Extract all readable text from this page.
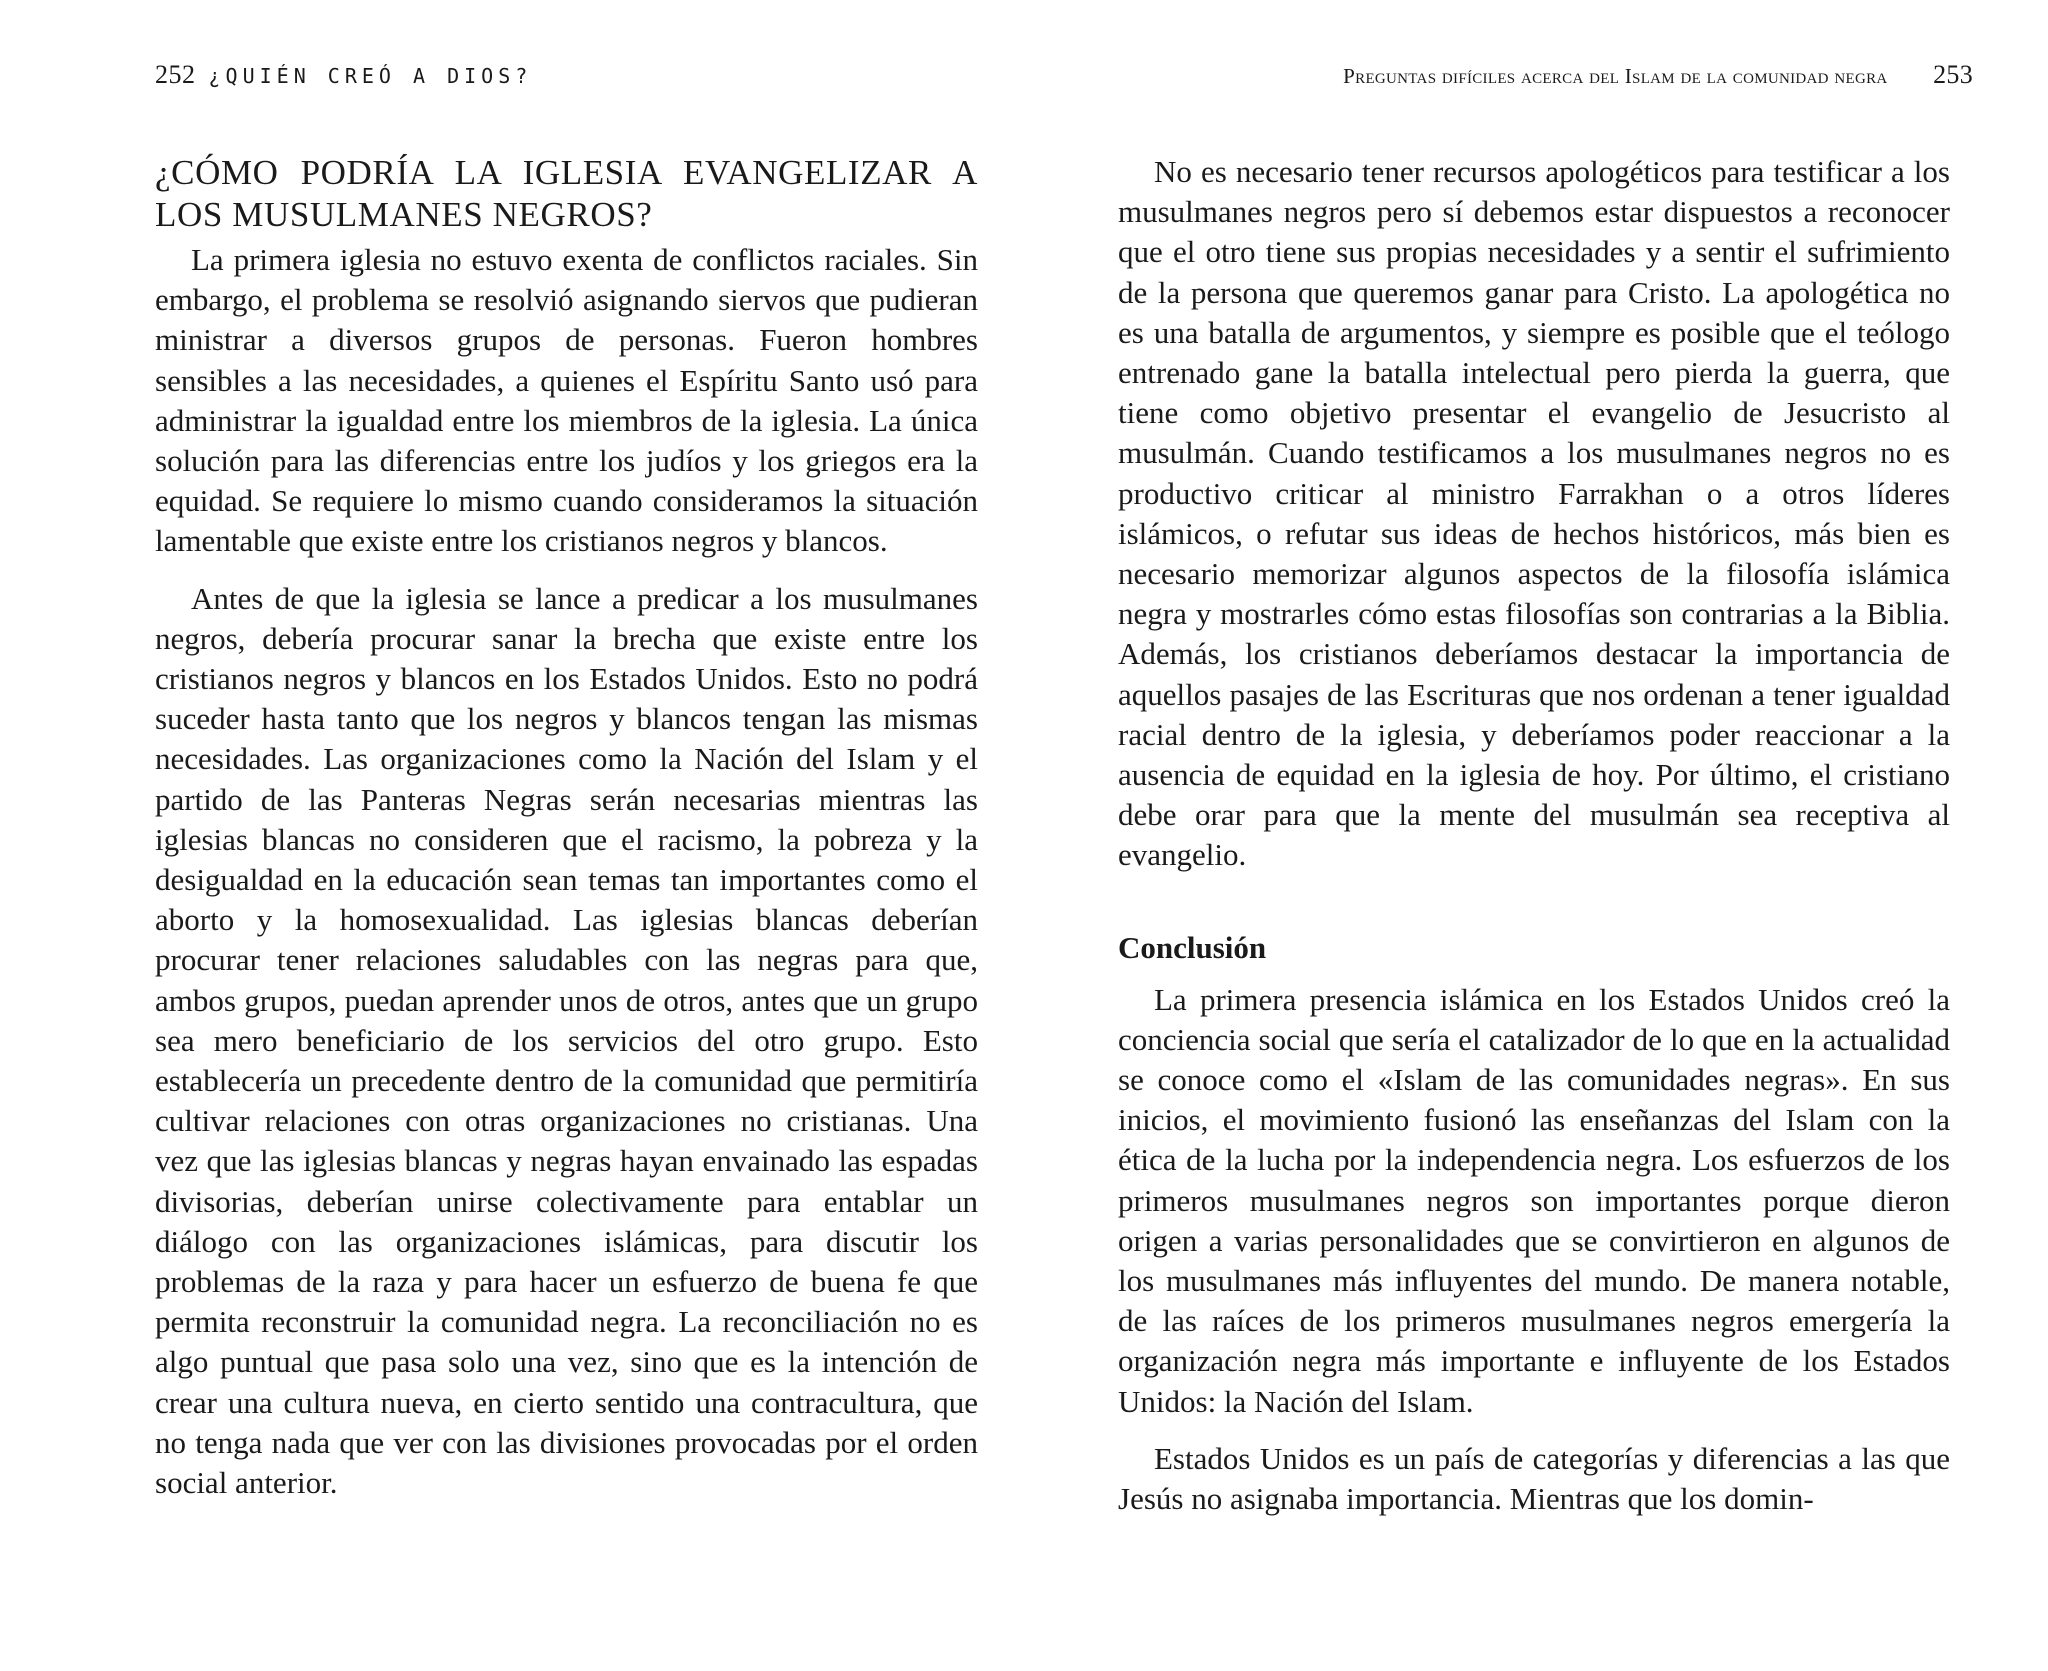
252 ¿QUIÉN CREÓ A DIOS?
¿CÓMO PODRÍA LA IGLESIA EVANGELIZAR A LOS MUSULMANES NEGROS?

La primera iglesia no estuvo exenta de conflictos raciales. Sin embargo, el problema se resolvió asignando siervos que pudieran ministrar a diversos grupos de personas. Fueron hombres sensibles a las necesidades, a quienes el Espíritu Santo usó para administrar la igualdad entre los miembros de la iglesia. La única solución para las diferencias entre los judíos y los griegos era la equidad. Se requiere lo mismo cuando consideramos la situación lamentable que existe entre los cristianos negros y blancos.

Antes de que la iglesia se lance a predicar a los musulmanes negros, debería procurar sanar la brecha que existe entre los cristianos negros y blancos en los Estados Unidos. Esto no podrá suceder hasta tanto que los negros y blancos tengan las mismas necesidades. Las organizaciones como la Nación del Islam y el partido de las Panteras Negras serán necesarias mientras las iglesias blancas no consideren que el racismo, la pobreza y la desigualdad en la educación sean temas tan importantes como el aborto y la homosexualidad. Las iglesias blancas deberían procurar tener relaciones saludables con las negras para que, ambos grupos, puedan aprender unos de otros, antes que un grupo sea mero beneficiario de los servicios del otro grupo. Esto establecería un precedente dentro de la comunidad que permitiría cultivar relaciones con otras organizaciones no cristianas. Una vez que las iglesias blancas y negras hayan envainado las espadas divisorias, deberían unirse colectivamente para entablar un diálogo con las organizaciones islámicas, para discutir los problemas de la raza y para hacer un esfuerzo de buena fe que permita reconstruir la comunidad negra. La reconciliación no es algo puntual que pasa solo una vez, sino que es la intención de crear una cultura nueva, en cierto sentido una contracultura, que no tenga nada que ver con las divisiones provocadas por el orden social anterior.

Preguntas difíciles acerca del Islam de la comunidad negra 253

No es necesario tener recursos apologéticos para testificar a los musulmanes negros pero sí debemos estar dispuestos a reconocer que el otro tiene sus propias necesidades y a sentir el sufrimiento de la persona que queremos ganar para Cristo. La apologética no es una batalla de argumentos, y siempre es posible que el teólogo entrenado gane la batalla intelectual pero pierda la guerra, que tiene como objetivo presentar el evangelio de Jesucristo al musulmán. Cuando testificamos a los musulmanes negros no es productivo criticar al ministro Farrakhan o a otros líderes islámicos, o refutar sus ideas de hechos históricos, más bien es necesario memorizar algunos aspectos de la filosofía islámica negra y mostrarles cómo estas filosofías son contrarias a la Biblia. Además, los cristianos deberíamos destacar la importancia de aquellos pasajes de las Escrituras que nos ordenan a tener igualdad racial dentro de la iglesia, y deberíamos poder reaccionar a la ausencia de equidad en la iglesia de hoy. Por último, el cristiano debe orar para que la mente del musulmán sea receptiva al evangelio.

Conclusión

La primera presencia islámica en los Estados Unidos creó la conciencia social que sería el catalizador de lo que en la actualidad se conoce como el «Islam de las comunidades negras». En sus inicios, el movimiento fusionó las enseñanzas del Islam con la ética de la lucha por la independencia negra. Los esfuerzos de los primeros musulmanes negros son importantes porque dieron origen a varias personalidades que se convirtieron en algunos de los musulmanes más influyentes del mundo. De manera notable, de las raíces de los primeros musulmanes negros emergería la organización negra más importante e influyente de los Estados Unidos: la Nación del Islam.

Estados Unidos es un país de categorías y diferencias a las que Jesús no asignaba importancia. Mientras que los domin-
